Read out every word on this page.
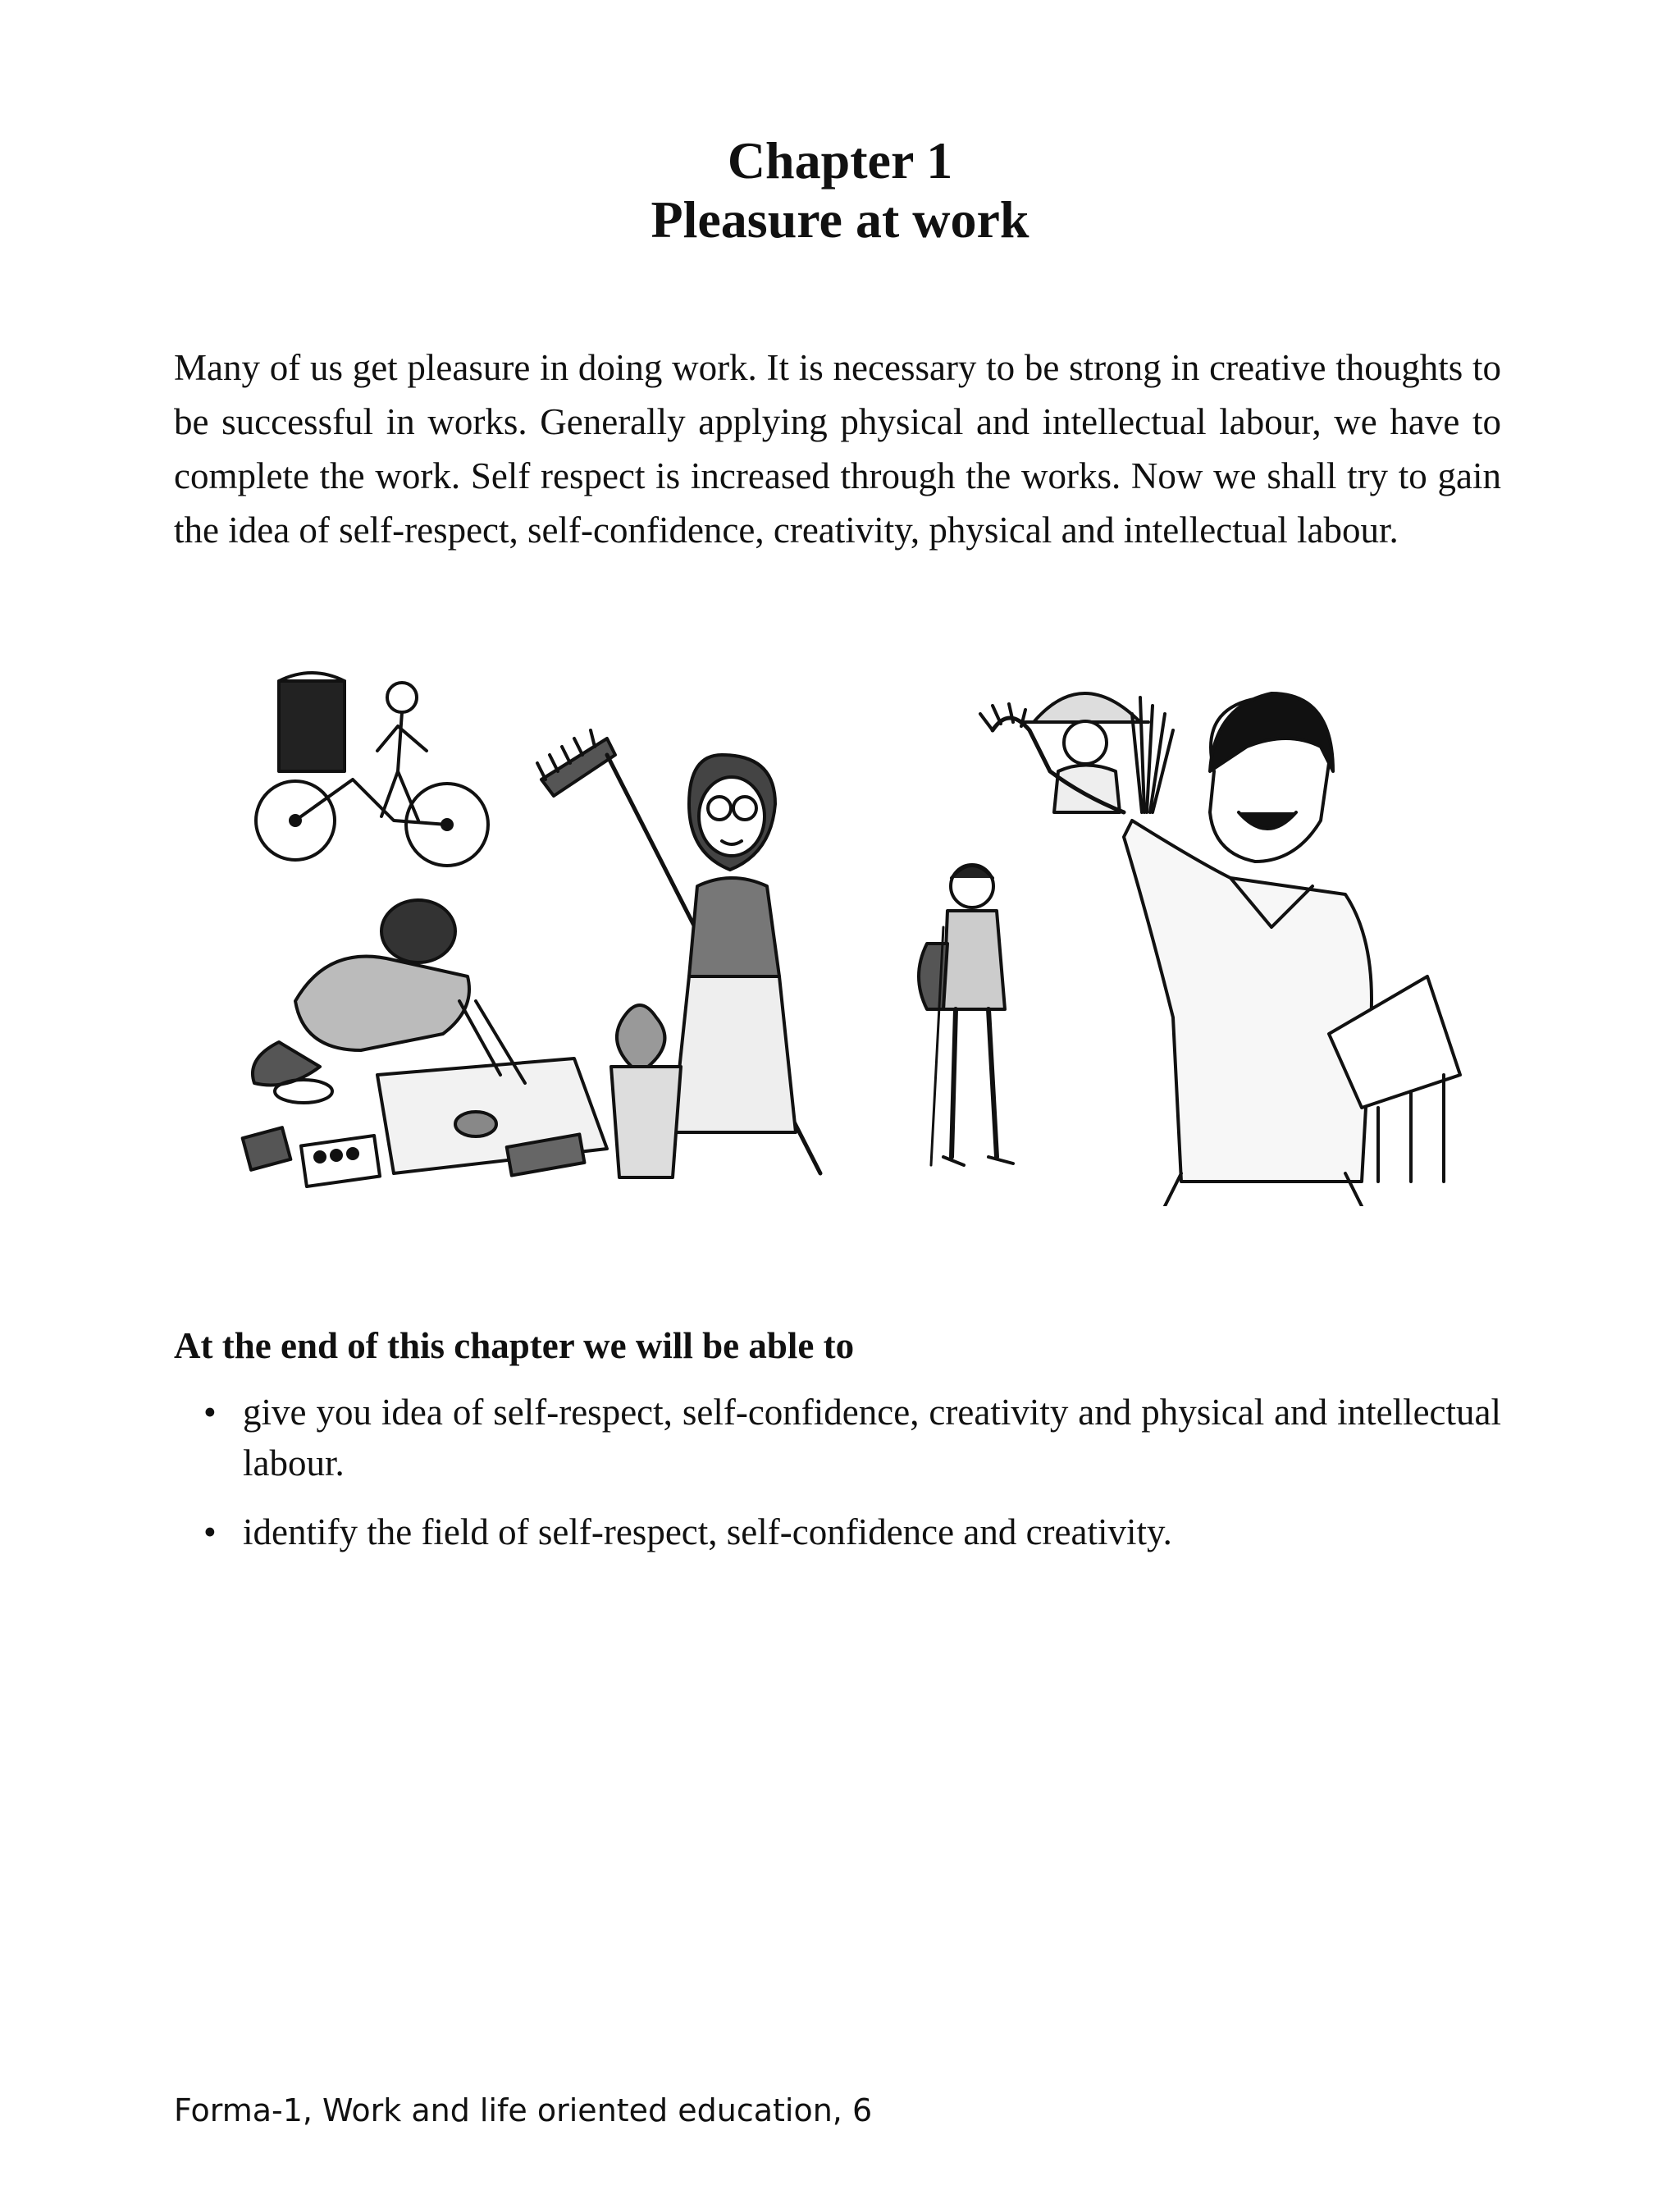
Chapter 1
Pleasure at work

Many of us get pleasure in doing work. It is necessary to be strong in creative thoughts to be successful in works. Generally applying physical and intellectual labour, we have to complete the work. Self respect is increased through the works. Now we shall try to gain the idea of self-respect, self-confidence, creativity, physical and intellectual labour.

At the end of this chapter we will be able to
• give you idea of self-respect, self-confidence, creativity and physical and intellectual labour.
• identify the field of self-respect, self-confidence and creativity.
Forma-1, Work and life oriented education, 6
